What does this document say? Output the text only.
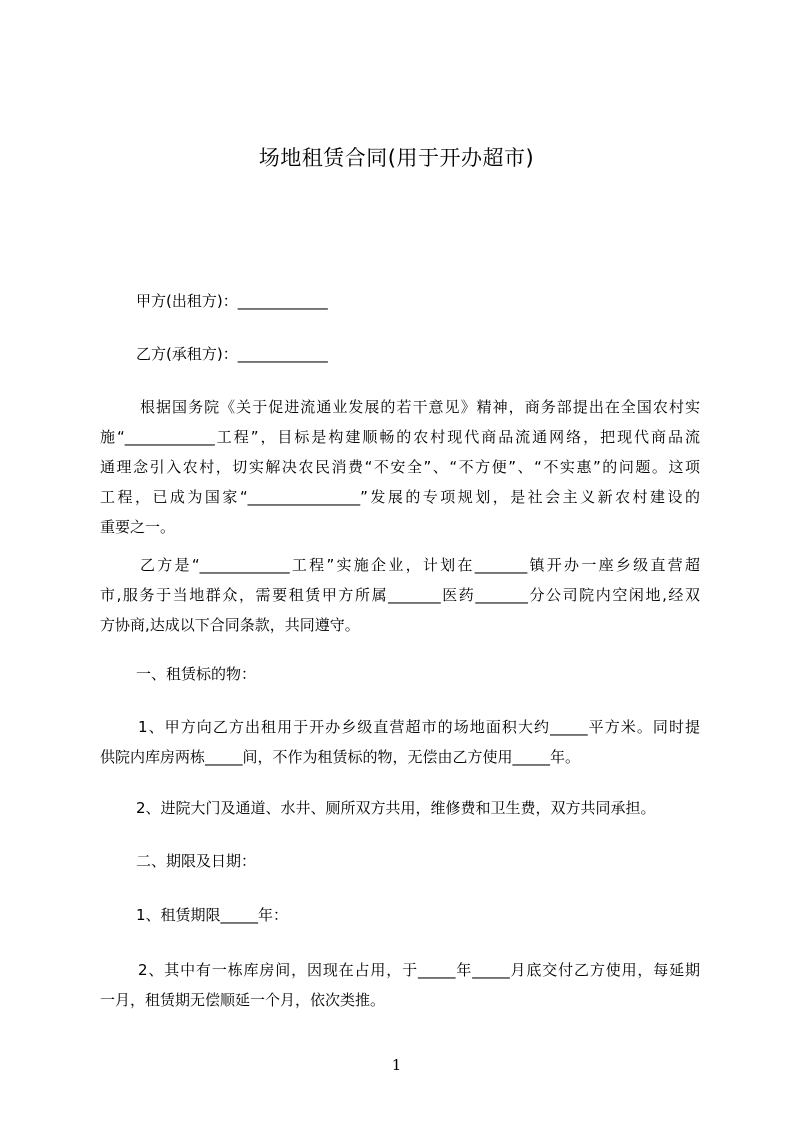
场地租赁合同(用于开办超市)
甲方(出租方)：____________
乙方(承租方)：____________
根据国务院《关于促进流通业发展的若干意见》精神，商务部提出在全国农村实
施“____________工程”，目标是构建顺畅的农村现代商品流通网络，把现代商品流
通理念引入农村，切实解决农民消费“不安全”、“不方便”、“不实惠”的问题。这项
工程，已成为国家“_______________”发展的专项规划，是社会主义新农村建设的
重要之一。
乙方是“____________工程”实施企业，计划在_______镇开办一座乡级直营超
市,服务于当地群众，需要租赁甲方所属_______医药_______分公司院内空闲地,经双
方协商,达成以下合同条款，共同遵守。
一、租赁标的物：
1、甲方向乙方出租用于开办乡级直营超市的场地面积大约_____平方米。同时提
供院内库房两栋_____间，不作为租赁标的物，无偿由乙方使用_____年。
2、进院大门及通道、水井、厕所双方共用，维修费和卫生费，双方共同承担。
二、期限及日期：
1、租赁期限_____年：
2、其中有一栋库房间，因现在占用，于_____年_____月底交付乙方使用，每延期
一月，租赁期无偿顺延一个月，依次类推。
1
